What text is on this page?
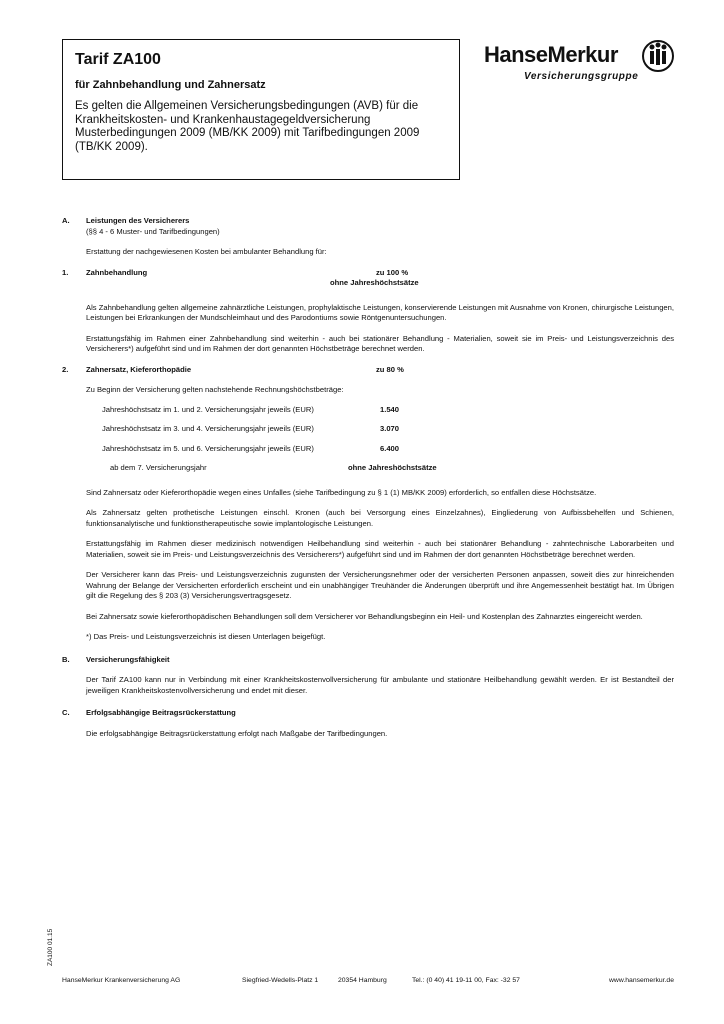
Tarif ZA100
für Zahnbehandlung und Zahnersatz

Es gelten die Allgemeinen Versicherungsbedingungen (AVB) für die Krankheitskosten- und Krankenhaustagegeldversicherung Musterbedingungen 2009 (MB/KK 2009) mit Tarifbedingungen 2009 (TB/KK 2009).

HanseMerkur
Versicherungsgruppe
A.	Leistungen des Versicherers
(§§ 4 - 6 Muster- und Tarifbedingungen)
Erstattung der nachgewiesenen Kosten bei ambulanter Behandlung für:
1.	Zahnbehandlung	zu 100 %
ohne Jahreshöchstsätze
Als Zahnbehandlung gelten allgemeine zahnärztliche Leistungen, prophylaktische Leistungen, konservierende Leistungen mit Ausnahme von Kronen, chirurgische Leistungen, Leistungen bei Erkrankungen der Mundschleimhaut und des Parodontiums sowie Röntgenuntersuchungen.
Erstattungsfähig im Rahmen einer Zahnbehandlung sind weiterhin - auch bei stationärer Behandlung - Materialien, soweit sie im Preis- und Leistungsverzeichnis des Versicherers*) aufgeführt sind und im Rahmen der dort genannten Höchstbeträge berechnet werden.
2.	Zahnersatz, Kieferorthopädie	zu 80 %
Zu Beginn der Versicherung gelten nachstehende Rechnungshöchstbeträge:
Jahreshöchstsatz im 1. und 2. Versicherungsjahr jeweils (EUR)	1.540
Jahreshöchstsatz im 3. und 4. Versicherungsjahr jeweils (EUR)	3.070
Jahreshöchstsatz im 5. und 6. Versicherungsjahr jeweils (EUR)	6.400
ab dem 7. Versicherungsjahr	ohne Jahreshöchstsätze
Sind Zahnersatz oder Kieferorthopädie wegen eines Unfalles (siehe Tarifbedingung zu § 1 (1) MB/KK 2009) erforderlich, so entfallen diese Höchstsätze.
Als Zahnersatz gelten prothetische Leistungen einschl. Kronen (auch bei Versorgung eines Einzelzahnes), Eingliederung von Aufbissbehelfen und Schienen, funktionsanalytische und funktionstherapeutische sowie implantologische Leistungen.
Erstattungsfähig im Rahmen dieser medizinisch notwendigen Heilbehandlung sind weiterhin - auch bei stationärer Behandlung - zahntechnische Laborarbeiten und Materialien, soweit sie im Preis- und Leistungsverzeichnis des Versicherers*) aufgeführt sind und im Rahmen der dort genannten Höchstbeträge berechnet werden.
Der Versicherer kann das Preis- und Leistungsverzeichnis zugunsten der Versicherungsnehmer oder der versicherten Personen anpassen, soweit dies zur hinreichenden Wahrung der Belange der Versicherten erforderlich erscheint und ein unabhängiger Treuhänder die Änderungen überprüft und ihre Angemessenheit bestätigt hat. Im Übrigen gilt die Regelung des § 203 (3) Versicherungsvertragsgesetz.
Bei Zahnersatz sowie kieferorthopädischen Behandlungen soll dem Versicherer vor Behandlungsbeginn ein Heil- und Kostenplan des Zahnarztes eingereicht werden.
*) Das Preis- und Leistungsverzeichnis ist diesen Unterlagen beigefügt.
B.	Versicherungsfähigkeit
Der Tarif ZA100 kann nur in Verbindung mit einer Krankheitskostenvollversicherung für ambulante und stationäre Heilbehandlung gewählt werden. Er ist Bestandteil der jeweiligen Krankheitskostenvollversicherung und endet mit dieser.
C.	Erfolgsabhängige Beitragsrückerstattung
Die erfolgsabhängige Beitragsrückerstattung erfolgt nach Maßgabe der Tarifbedingungen.
ZA100 01.15
HanseMerkur Krankenversicherung AG	Siegfried-Wedells-Platz 1	20354 Hamburg	Tel.: (0 40) 41 19-11 00, Fax: -32 57	www.hansemerkur.de
